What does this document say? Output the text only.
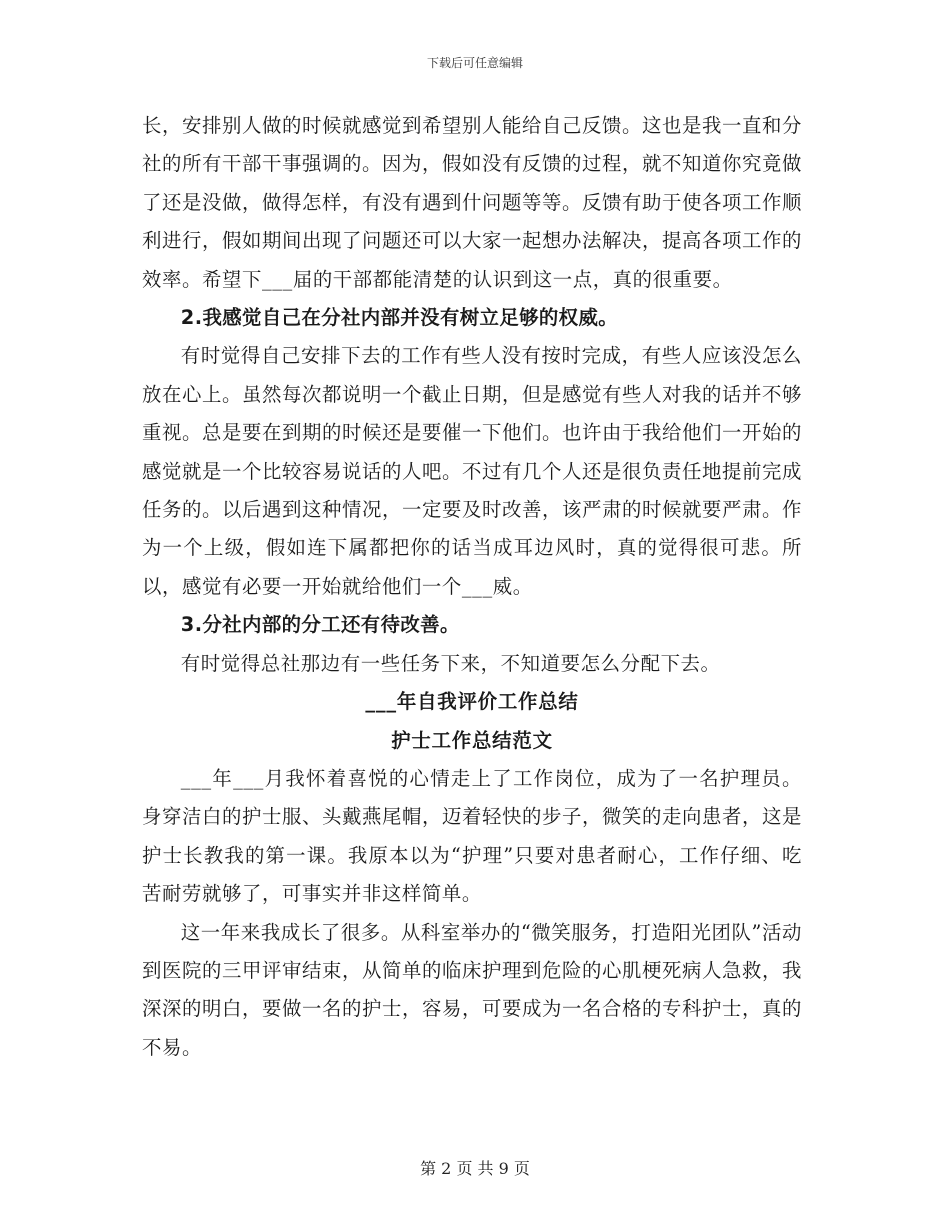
下载后可任意编辑

长，安排别人做的时候就感觉到希望别人能给自己反馈。这也是我一直和分社的所有干部干事强调的。因为，假如没有反馈的过程，就不知道你究竟做了还是没做，做得怎样，有没有遇到什问题等等。反馈有助于使各项工作顺利进行，假如期间出现了问题还可以大家一起想办法解决，提高各项工作的效率。希望下___届的干部都能清楚的认识到这一点，真的很重要。

2.我感觉自己在分社内部并没有树立足够的权威。

有时觉得自己安排下去的工作有些人没有按时完成，有些人应该没怎么放在心上。虽然每次都说明一个截止日期，但是感觉有些人对我的话并不够重视。总是要在到期的时候还是要催一下他们。也许由于我给他们一开始的感觉就是一个比较容易说话的人吧。不过有几个人还是很负责任地提前完成任务的。以后遇到这种情况，一定要及时改善，该严肃的时候就要严肃。作为一个上级，假如连下属都把你的话当成耳边风时，真的觉得很可悲。所以，感觉有必要一开始就给他们一个___威。

3.分社内部的分工还有待改善。

有时觉得总社那边有一些任务下来，不知道要怎么分配下去。

___年自我评价工作总结

护士工作总结范文

___年___月我怀着喜悦的心情走上了工作岗位，成为了一名护理员。身穿洁白的护士服、头戴燕尾帽，迈着轻快的步子，微笑的走向患者，这是护士长教我的第一课。我原本以为“护理”只要对患者耐心，工作仔细、吃苦耐劳就够了，可事实并非这样简单。

这一年来我成长了很多。从科室举办的“微笑服务，打造阳光团队”活动到医院的三甲评审结束，从简单的临床护理到危险的心肌梗死病人急救，我深深的明白，要做一名的护士，容易，可要成为一名合格的专科护士，真的不易。

第 2 页 共 9 页
